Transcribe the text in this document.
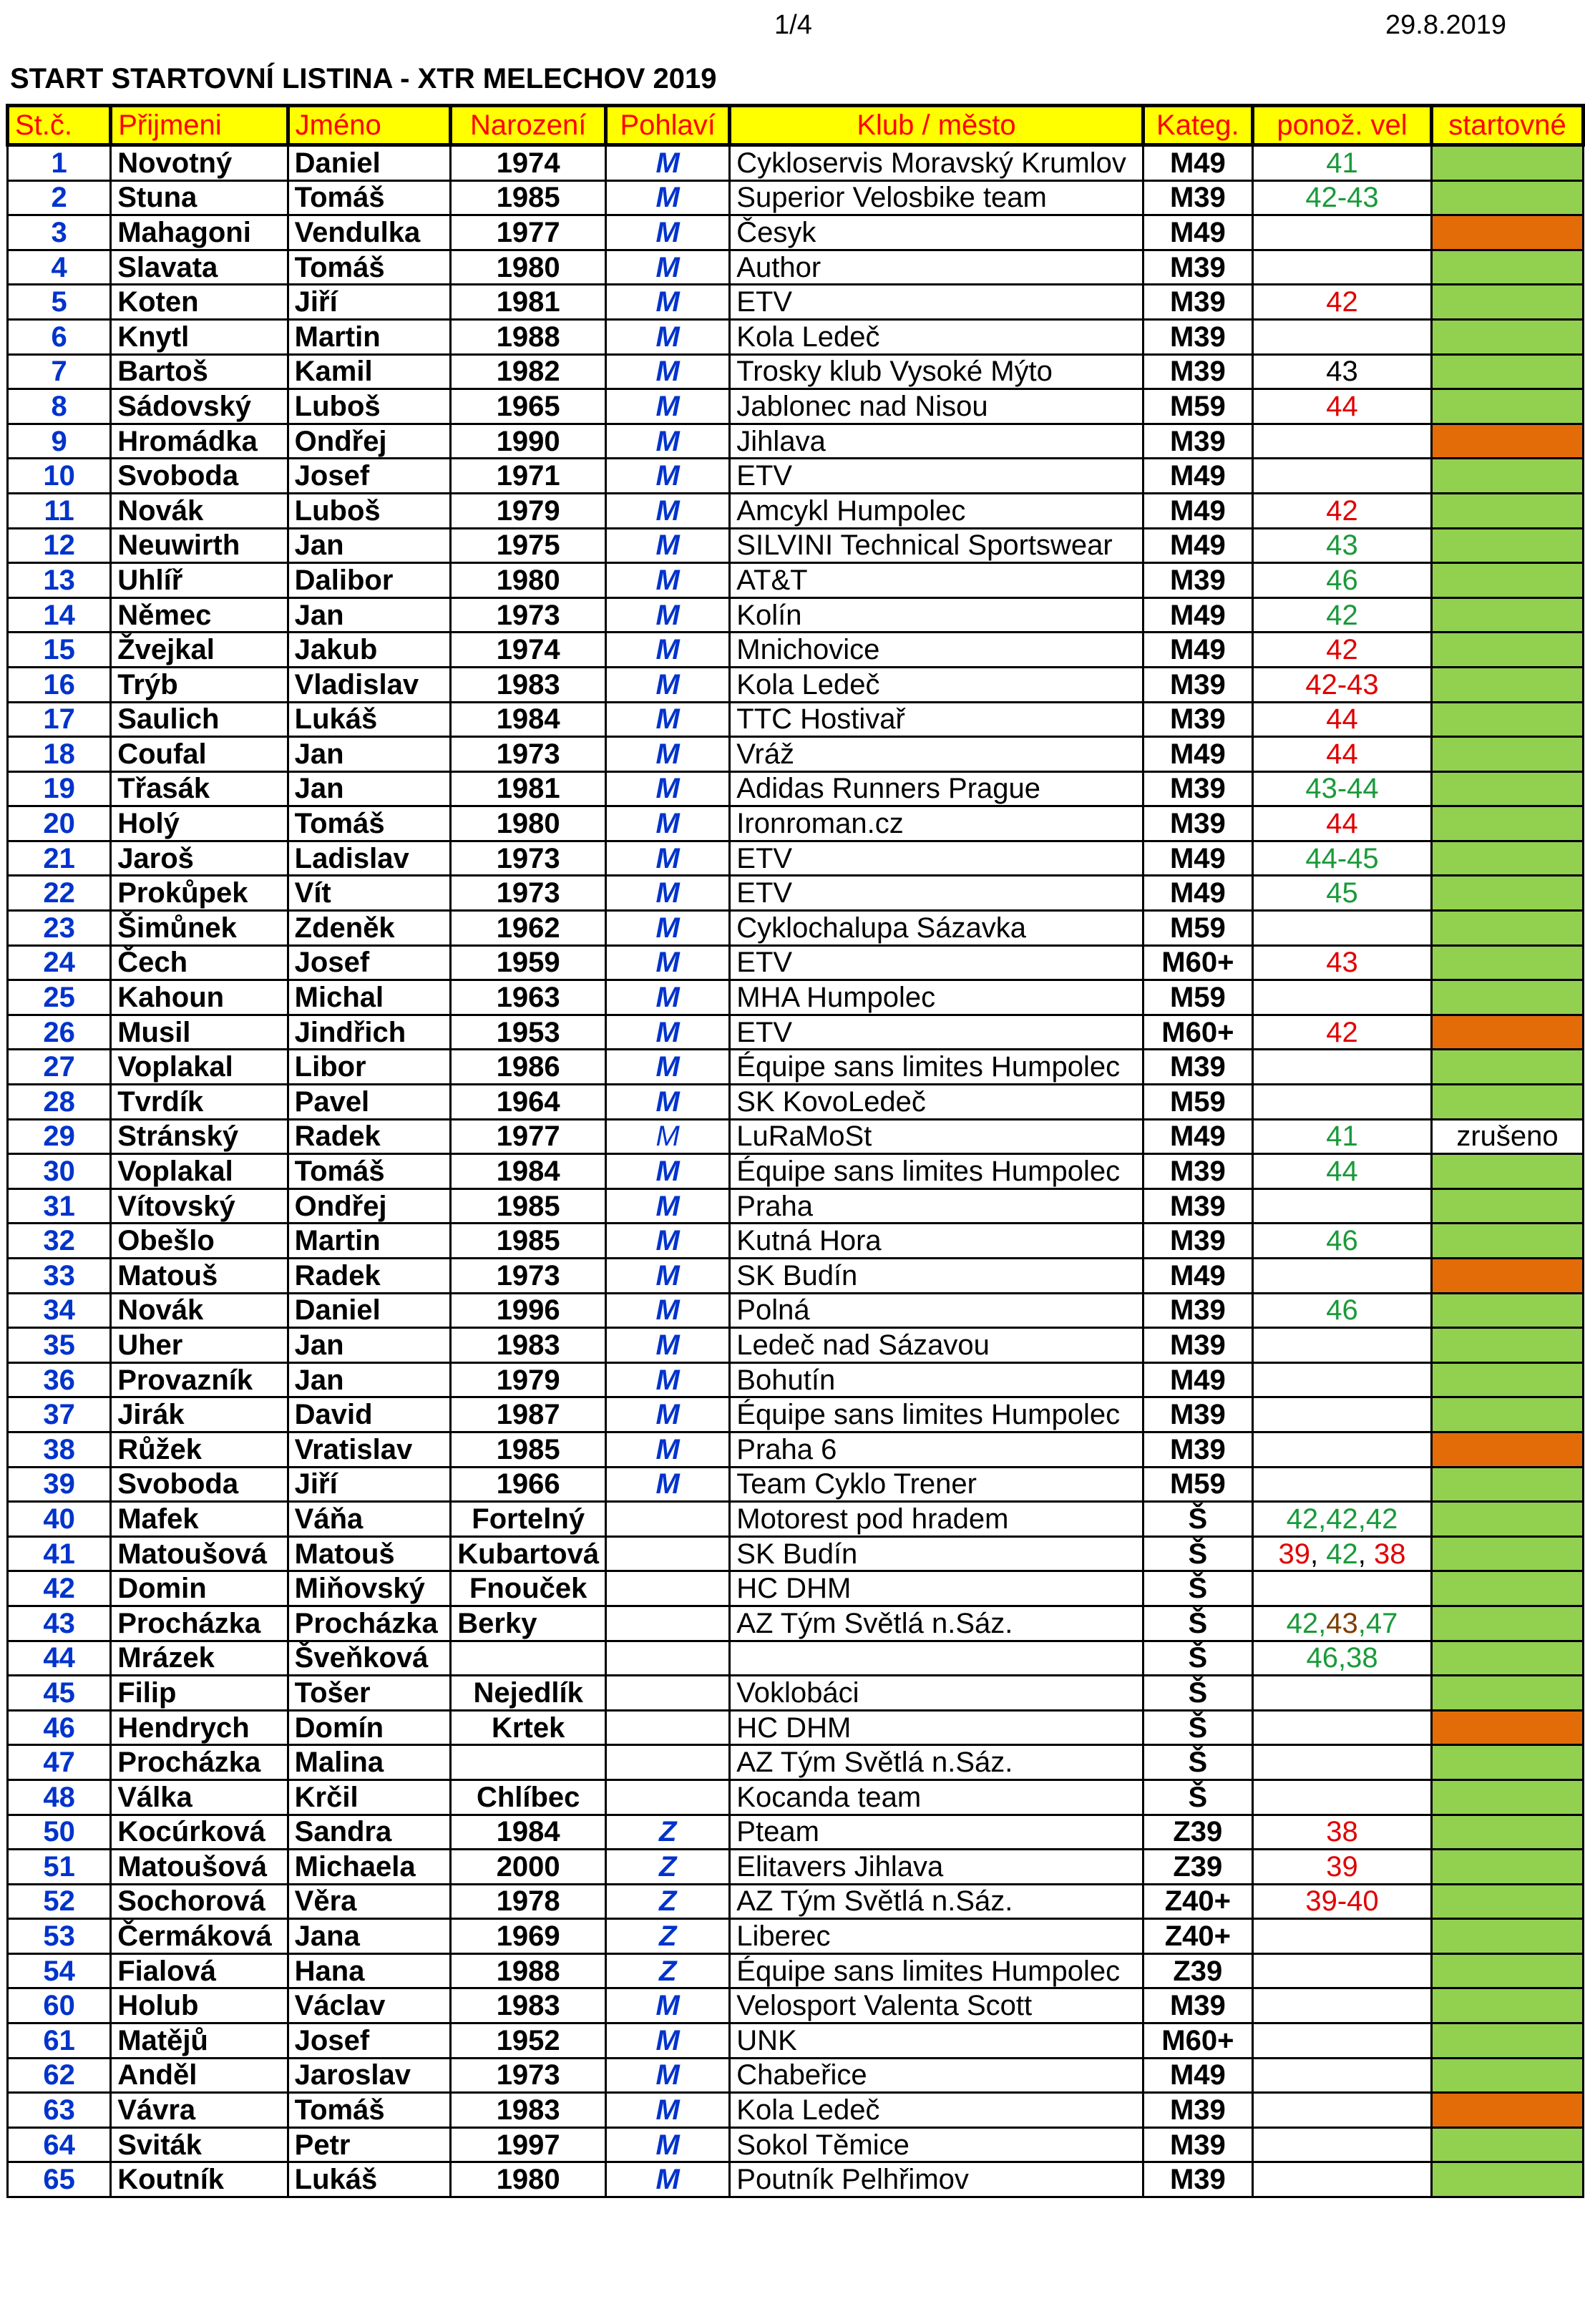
1/4	29.8.2019
START STARTOVNÍ LISTINA - XTR MELECHOV 2019
St.č.	Přijmeni	Jméno	Narození	Pohlaví	Klub / město	Kateg.	ponož. vel	startovné
1	Novotný	Daniel	1974	M	Cykloservis Moravský Krumlov	M49	41	
2	Stuna	Tomáš	1985	M	Superior Velosbike team	M39	42-43	
3	Mahagoni	Vendulka	1977	M	Česyk	M49		
4	Slavata	Tomáš	1980	M	Author	M39		
5	Koten	Jiří	1981	M	ETV	M39	42	
6	Knytl	Martin	1988	M	Kola Ledeč	M39		
7	Bartoš	Kamil	1982	M	Trosky klub Vysoké Mýto	M39	43	
8	Sádovský	Luboš	1965	M	Jablonec nad Nisou	M59	44	
9	Hromádka	Ondřej	1990	M	Jihlava	M39		
10	Svoboda	Josef	1971	M	ETV	M49		
11	Novák	Luboš	1979	M	Amcykl Humpolec	M49	42	
12	Neuwirth	Jan	1975	M	SILVINI Technical Sportswear	M49	43	
13	Uhlíř	Dalibor	1980	M	AT&T	M39	46	
14	Němec	Jan	1973	M	Kolín	M49	42	
15	Žvejkal	Jakub	1974	M	Mnichovice	M49	42	
16	Trýb	Vladislav	1983	M	Kola Ledeč	M39	42-43	
17	Saulich	Lukáš	1984	M	TTC Hostivař	M39	44	
18	Coufal	Jan	1973	M	Vráž	M49	44	
19	Třasák	Jan	1981	M	Adidas Runners Prague	M39	43-44	
20	Holý	Tomáš	1980	M	Ironroman.cz	M39	44	
21	Jaroš	Ladislav	1973	M	ETV	M49	44-45	
22	Prokůpek	Vít	1973	M	ETV	M49	45	
23	Šimůnek	Zdeněk	1962	M	Cyklochalupa Sázavka	M59		
24	Čech	Josef	1959	M	ETV	M60+	43	
25	Kahoun	Michal	1963	M	MHA Humpolec	M59		
26	Musil	Jindřich	1953	M	ETV	M60+	42	
27	Voplakal	Libor	1986	M	Équipe sans limites Humpolec	M39		
28	Tvrdík	Pavel	1964	M	SK KovoLedeč	M59		
29	Stránský	Radek	1977	M	LuRaMoSt	M49	41	zrušeno
30	Voplakal	Tomáš	1984	M	Équipe sans limites Humpolec	M39	44	
31	Vítovský	Ondřej	1985	M	Praha	M39		
32	Obešlo	Martin	1985	M	Kutná Hora	M39	46	
33	Matouš	Radek	1973	M	SK Budín	M49		
34	Novák	Daniel	1996	M	Polná	M39	46	
35	Uher	Jan	1983	M	Ledeč nad Sázavou	M39		
36	Provazník	Jan	1979	M	Bohutín	M49		
37	Jirák	David	1987	M	Équipe sans limites Humpolec	M39		
38	Růžek	Vratislav	1985	M	Praha 6	M39		
39	Svoboda	Jiří	1966	M	Team Cyklo Trener	M59		
40	Mafek	Váňa	Fortelný		Motorest pod hradem	Š	42,42,42	
41	Matoušová	Matouš	Kubartová		SK Budín	Š	39, 42, 38	
42	Domin	Miňovský	Fnouček		HC DHM	Š		
43	Procházka	Procházka	Berky		AZ Tým Světlá n.Sáz.	Š	42,43,47	
44	Mrázek	Šveňková				Š	46,38	
45	Filip	Tošer	Nejedlík		Voklobáci	Š		
46	Hendrych	Domín	Krtek		HC DHM	Š		
47	Procházka	Malina			AZ Tým Světlá n.Sáz.	Š		
48	Válka	Krčil	Chlíbec		Kocanda team	Š		
50	Kocúrková	Sandra	1984	Z	Pteam	Z39	38	
51	Matoušová	Michaela	2000	Z	Elitavers Jihlava	Z39	39	
52	Sochorová	Věra	1978	Z	AZ Tým Světlá n.Sáz.	Z40+	39-40	
53	Čermáková	Jana	1969	Z	Liberec	Z40+		
54	Fialová	Hana	1988	Z	Équipe sans limites Humpolec	Z39		
60	Holub	Václav	1983	M	Velosport Valenta Scott	M39		
61	Matějů	Josef	1952	M	UNK	M60+		
62	Anděl	Jaroslav	1973	M	Chabeřice	M49		
63	Vávra	Tomáš	1983	M	Kola Ledeč	M39		
64	Sviták	Petr	1997	M	Sokol Těmice	M39		
65	Koutník	Lukáš	1980	M	Poutník Pelhřimov	M39		
